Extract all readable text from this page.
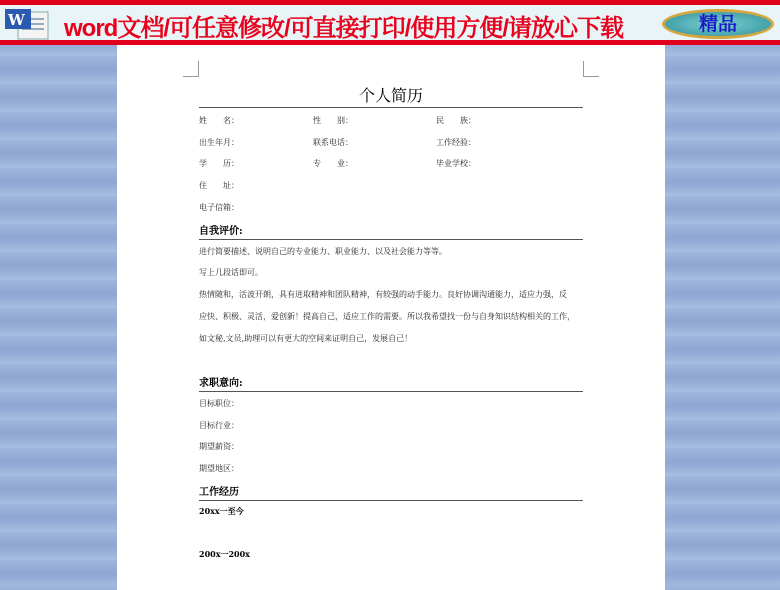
W word文档/可任意修改/可直接打印/使用方便/请放心下载	精品
个人简历
姓　　名：	性　　别：	民　　族：
出生年月：	联系电话：	工作经验：
学　　历：	专　　业：	毕业学校：
住　　址：
电子信箱：
自我评价:
进行简要描述、说明自己的专业能力、职业能力、以及社会能力等等。
写上几段话即可。
热情随和，活波开朗，具有进取精神和团队精神，有较强的动手能力。良好协调沟通能力，适应力强，反
应快、积极、灵活，爱创新！提高自己，适应工作的需要。所以我希望找一份与自身知识结构相关的工作，
如文秘,文员,助理可以有更大的空间来证明自己，发展自己！
求职意向:
目标职位：
目标行业：
期望薪资：
期望地区：
工作经历
20xx一至今
200x一200x
